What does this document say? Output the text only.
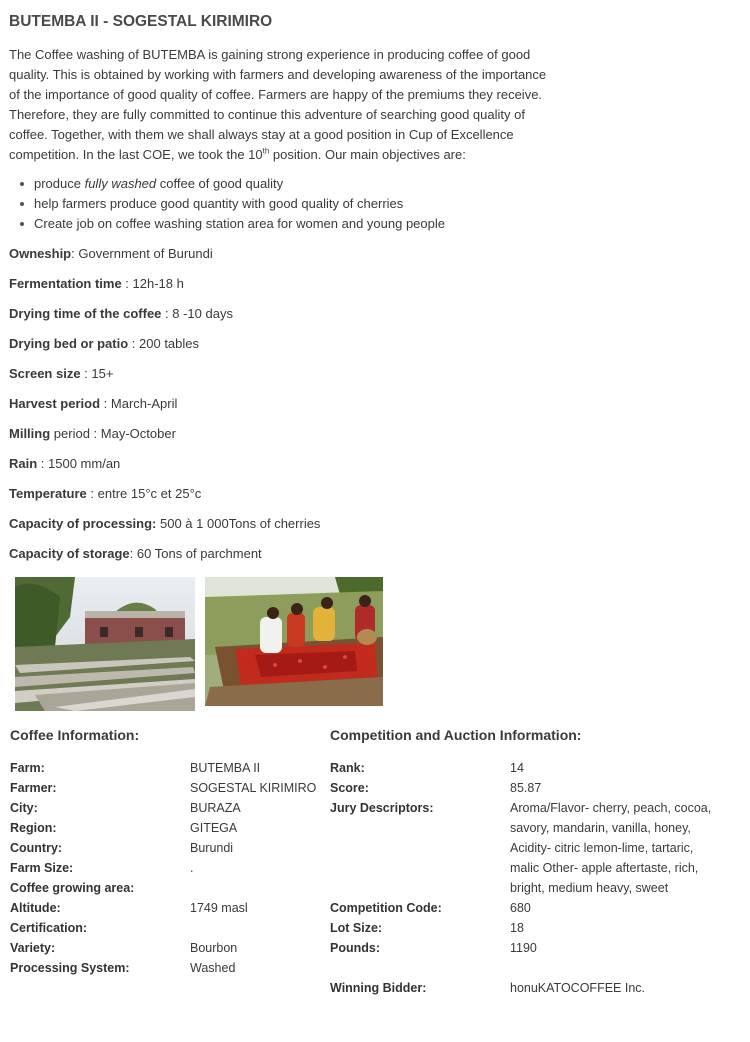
BUTEMBA II - SOGESTAL KIRIMIRO

The Coffee washing of BUTEMBA is gaining strong experience in producing coffee of good quality. This is obtained by working with farmers and developing awareness of the importance of the importance of good quality of coffee. Farmers are happy of the premiums they receive. Therefore, they are fully committed to continue this adventure of searching good quality of coffee. Together, with them we shall always stay at a good position in Cup of Excellence competition. In the last COE, we took the 10th position. Our main objectives are:

produce fully washed coffee of good quality
help farmers produce good quantity with good quality of cherries
Create job on coffee washing station area for women and young people
Owneship: Government of Burundi
Fermentation time : 12h-18 h
Drying time of the coffee : 8 -10 days
Drying bed or patio : 200 tables
Screen size : 15+
Harvest period : March-April
Milling period : May-October
Rain : 1500 mm/an
Temperature : entre 15°c et 25°c
Capacity of processing: 500 à 1 000Tons of cherries
Capacity of storage: 60 Tons of parchment
Coffee Information:
Farm:	BUTEMBA II
Farmer:	SOGESTAL KIRIMIRO
City:	BURAZA
Region:	GITEGA
Country:	Burundi
Farm Size:	.
Coffee growing area:	
Altitude:	1749 masl
Certification:	
Variety:	Bourbon
Processing System:	Washed
Competition and Auction Information:
Rank:	14
Score:	85.87
Jury Descriptors:	Aroma/Flavor- cherry, peach, cocoa, savory, mandarin, vanilla, honey, Acidity- citric lemon-lime, tartaric, malic Other- apple aftertaste, rich, bright, medium heavy, sweet
Competition Code:	680
Lot Size:	18
Pounds:	1190

Winning Bidder:	honuKATOCOFFEE Inc.
